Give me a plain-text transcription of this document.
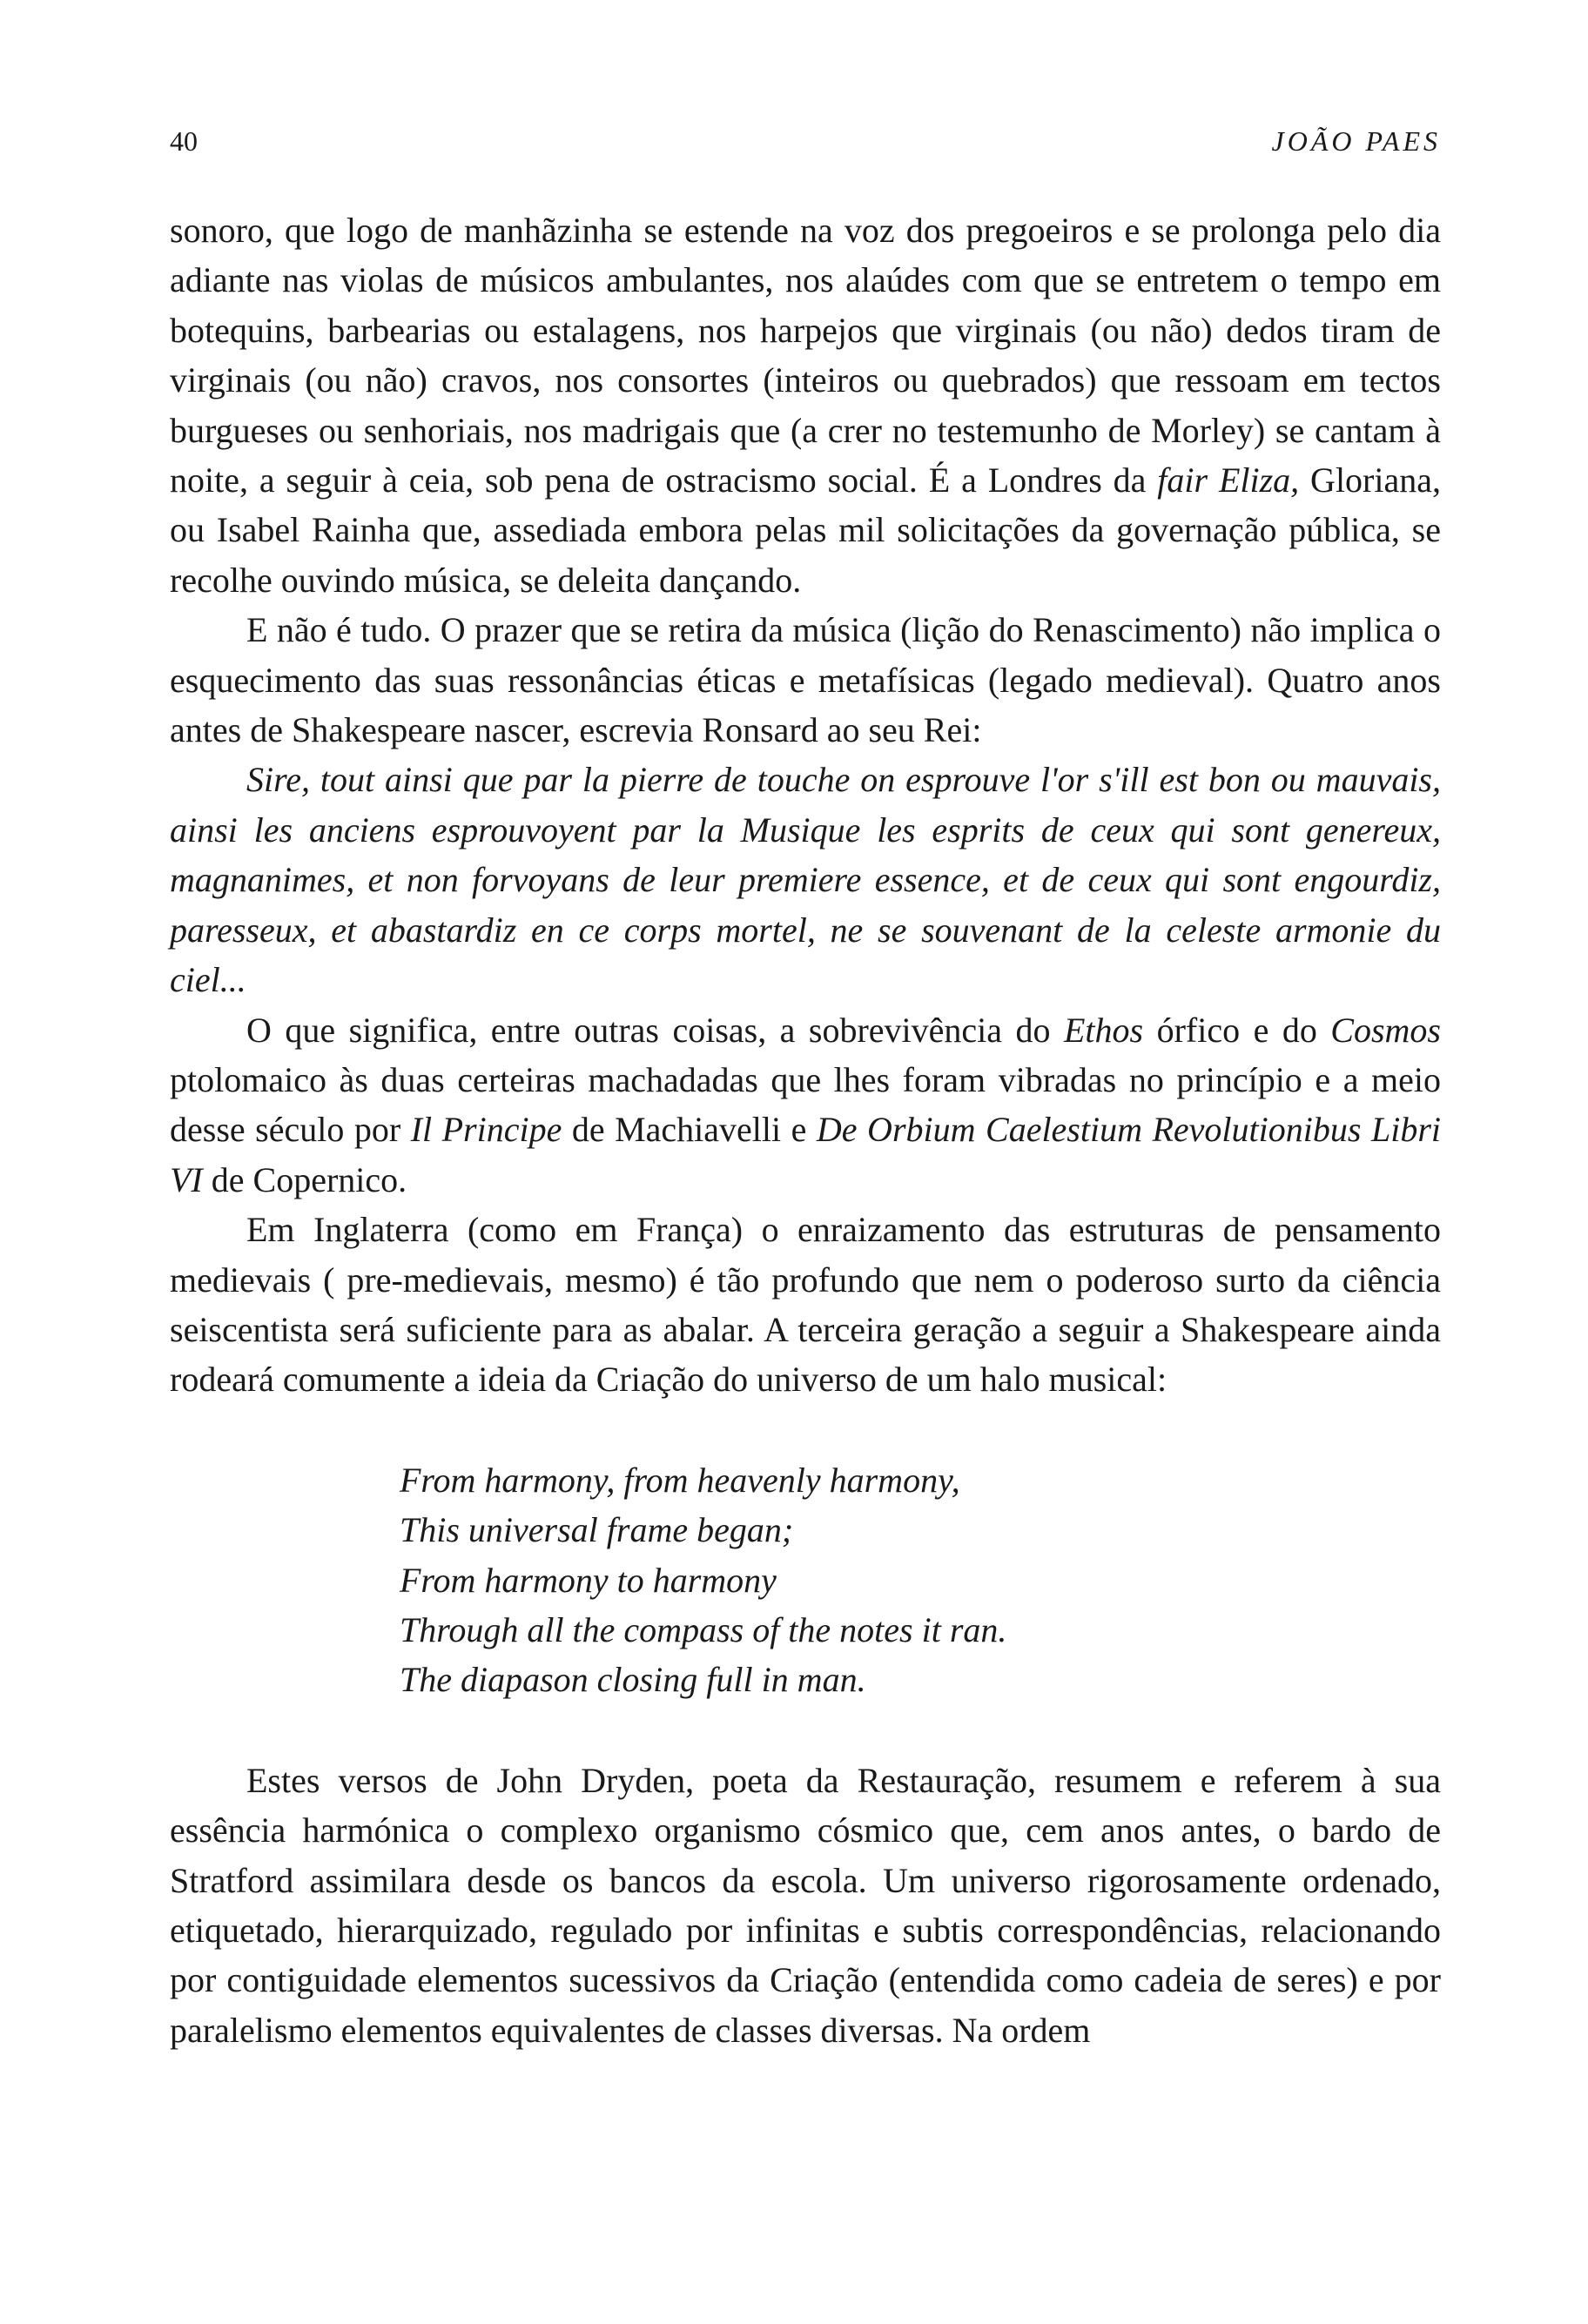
40	JOÃO PAES

sonoro, que logo de manhãzinha se estende na voz dos pregoeiros e se prolonga pelo dia adiante nas violas de músicos ambulantes, nos alaúdes com que se entretem o tempo em botequins, barbearias ou estalagens, nos harpejos que virginais (ou não) dedos tiram de virginais (ou não) cravos, nos consortes (inteiros ou quebrados) que ressoam em tectos burgueses ou senhoriais, nos madrigais que (a crer no testemunho de Morley) se cantam à noite, a seguir à ceia, sob pena de ostracismo social. É a Londres da fair Eliza, Gloriana, ou Isabel Rainha que, assediada embora pelas mil solicitações da governação pública, se recolhe ouvindo música, se deleita dançando.

E não é tudo. O prazer que se retira da música (lição do Renascimento) não implica o esquecimento das suas ressonâncias éticas e metafísicas (legado medieval). Quatro anos antes de Shakespeare nascer, escrevia Ronsard ao seu Rei:

Sire, tout ainsi que par la pierre de touche on esprouve l'or s'ill est bon ou mauvais, ainsi les anciens esprouvoyent par la Musique les esprits de ceux qui sont genereux, magnanimes, et non forvoyans de leur premiere essence, et de ceux qui sont engourdiz, paresseux, et abastardiz en ce corps mortel, ne se souvenant de la celeste armonie du ciel...

O que significa, entre outras coisas, a sobrevivência do Ethos órfico e do Cosmos ptolomaico às duas certeiras machadadas que lhes foram vibradas no princípio e a meio desse século por Il Principe de Machiavelli e De Orbium Caelestium Revolutionibus Libri VI de Copernico.

Em Inglaterra (como em França) o enraizamento das estruturas de pensamento medievais ( pre-medievais, mesmo) é tão profundo que nem o poderoso surto da ciência seiscentista será suficiente para as abalar. A terceira geração a seguir a Shakespeare ainda rodeará comumente a ideia da Criação do universo de um halo musical:

From harmony, from heavenly harmony,
This universal frame began;
From harmony to harmony
Through all the compass of the notes it ran.
The diapason closing full in man.

Estes versos de John Dryden, poeta da Restauração, resumem e referem à sua essência harmónica o complexo organismo cósmico que, cem anos antes, o bardo de Stratford assimilara desde os bancos da escola. Um universo rigorosamente ordenado, etiquetado, hierarquizado, regulado por infinitas e subtis correspondências, relacionando por contiguidade elementos sucessivos da Criação (entendida como cadeia de seres) e por paralelismo elementos equivalentes de classes diversas. Na ordem
